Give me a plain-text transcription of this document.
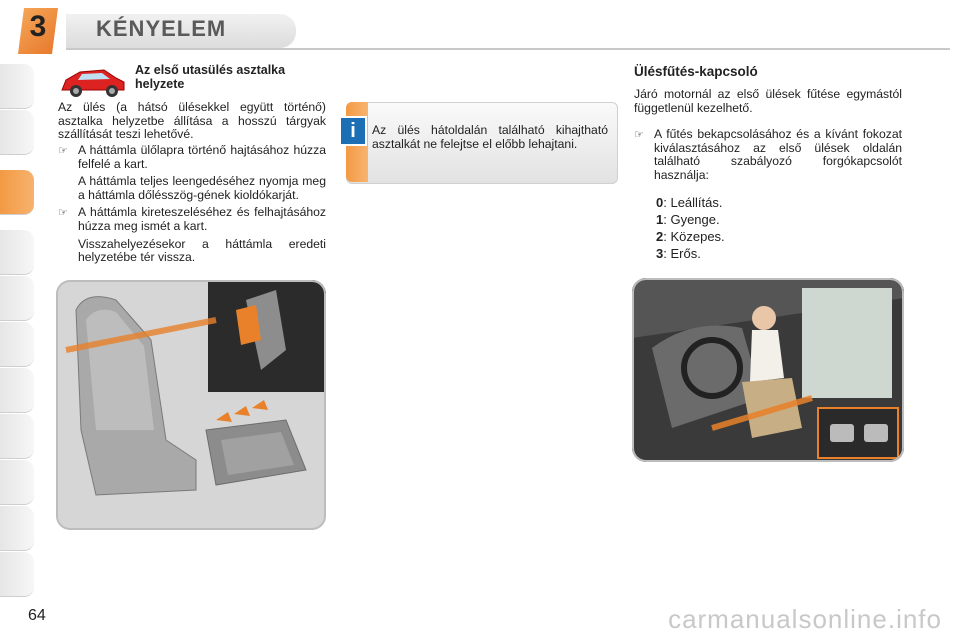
3	KÉNYELEM
Az első utasülés asztalka helyzete
Az ülés (a hátsó ülésekkel együtt történő) asztalka helyzetbe állítása a hosszú tárgyak szállítását teszi lehetővé.
☞ A háttámla ülőlapra történő hajtásához húzza felfelé a kart.
A háttámla teljes leengedéséhez nyomja meg a háttámla dőlésszög-gének kioldókarját.
☞ A háttámla kireteszeléséhez és felhajtásához húzza meg ismét a kart.
Visszahelyezésekor a háttámla eredeti helyzetébe tér vissza.
i	Az ülés hátoldalán található kihajtható asztalkát ne felejtse el előbb lehajtani.
Ülésfűtés-kapcsoló
Járó motornál az első ülések fűtése egymástól függetlenül kezelhető.
☞ A fűtés bekapcsolásához és a kívánt fokozat kiválasztásához az első ülések oldalán található szabályozó forgókapcsolót használja:
0: Leállítás.
1: Gyenge.
2: Közepes.
3: Erős.
64	carmanualsonline.info
